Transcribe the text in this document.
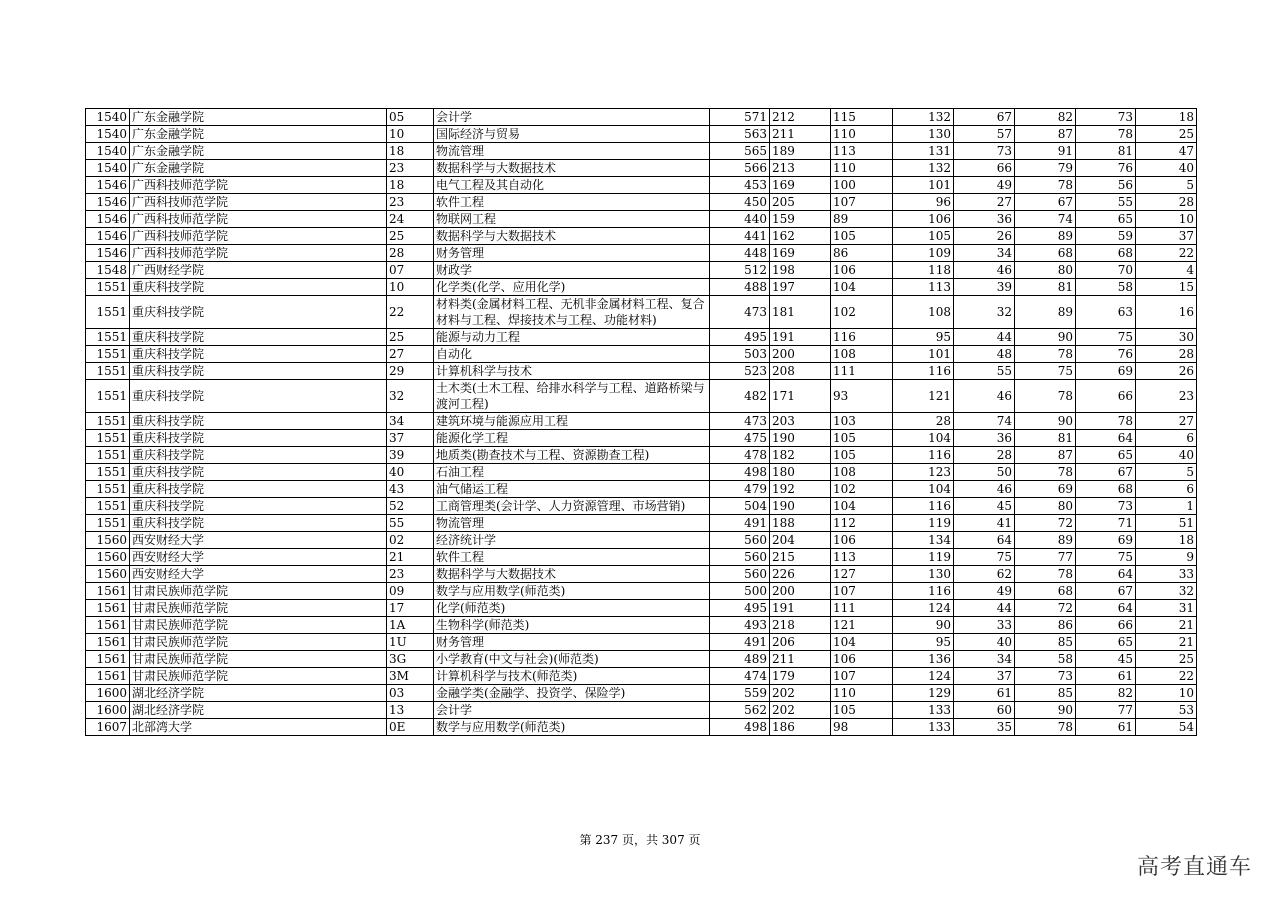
1540	广东金融学院	05	会计学	571	212	115	132	67	82	73	18
1540	广东金融学院	10	国际经济与贸易	563	211	110	130	57	87	78	25
1540	广东金融学院	18	物流管理	565	189	113	131	73	91	81	47
1540	广东金融学院	23	数据科学与大数据技术	566	213	110	132	66	79	76	40
1546	广西科技师范学院	18	电气工程及其自动化	453	169	100	101	49	78	56	5
1546	广西科技师范学院	23	软件工程	450	205	107	96	27	67	55	28
1546	广西科技师范学院	24	物联网工程	440	159	89	106	36	74	65	10
1546	广西科技师范学院	25	数据科学与大数据技术	441	162	105	105	26	89	59	37
1546	广西科技师范学院	28	财务管理	448	169	86	109	34	68	68	22
1548	广西财经学院	07	财政学	512	198	106	118	46	80	70	4
1551	重庆科技学院	10	化学类(化学、应用化学)	488	197	104	113	39	81	58	15
1551	重庆科技学院	22	材料类(金属材料工程、无机非金属材料工程、复合材料与工程、焊接技术与工程、功能材料)	473	181	102	108	32	89	63	16
1551	重庆科技学院	25	能源与动力工程	495	191	116	95	44	90	75	30
1551	重庆科技学院	27	自动化	503	200	108	101	48	78	76	28
1551	重庆科技学院	29	计算机科学与技术	523	208	111	116	55	75	69	26
1551	重庆科技学院	32	土木类(土木工程、给排水科学与工程、道路桥梁与渡河工程)	482	171	93	121	46	78	66	23
1551	重庆科技学院	34	建筑环境与能源应用工程	473	203	103	28	74	90	78	27
1551	重庆科技学院	37	能源化学工程	475	190	105	104	36	81	64	6
1551	重庆科技学院	39	地质类(勘查技术与工程、资源勘查工程)	478	182	105	116	28	87	65	40
1551	重庆科技学院	40	石油工程	498	180	108	123	50	78	67	5
1551	重庆科技学院	43	油气储运工程	479	192	102	104	46	69	68	6
1551	重庆科技学院	52	工商管理类(会计学、人力资源管理、市场营销)	504	190	104	116	45	80	73	1
1551	重庆科技学院	55	物流管理	491	188	112	119	41	72	71	51
1560	西安财经大学	02	经济统计学	560	204	106	134	64	89	69	18
1560	西安财经大学	21	软件工程	560	215	113	119	75	77	75	9
1560	西安财经大学	23	数据科学与大数据技术	560	226	127	130	62	78	64	33
1561	甘肃民族师范学院	09	数学与应用数学(师范类)	500	200	107	116	49	68	67	32
1561	甘肃民族师范学院	17	化学(师范类)	495	191	111	124	44	72	64	31
1561	甘肃民族师范学院	1A	生物科学(师范类)	493	218	121	90	33	86	66	21
1561	甘肃民族师范学院	1U	财务管理	491	206	104	95	40	85	65	21
1561	甘肃民族师范学院	3G	小学教育(中文与社会)(师范类)	489	211	106	136	34	58	45	25
1561	甘肃民族师范学院	3M	计算机科学与技术(师范类)	474	179	107	124	37	73	61	22
1600	湖北经济学院	03	金融学类(金融学、投资学、保险学)	559	202	110	129	61	85	82	10
1600	湖北经济学院	13	会计学	562	202	105	133	60	90	77	53
1607	北部湾大学	0E	数学与应用数学(师范类)	498	186	98	133	35	78	61	54
第 237 页，共 307 页
高考直通车
